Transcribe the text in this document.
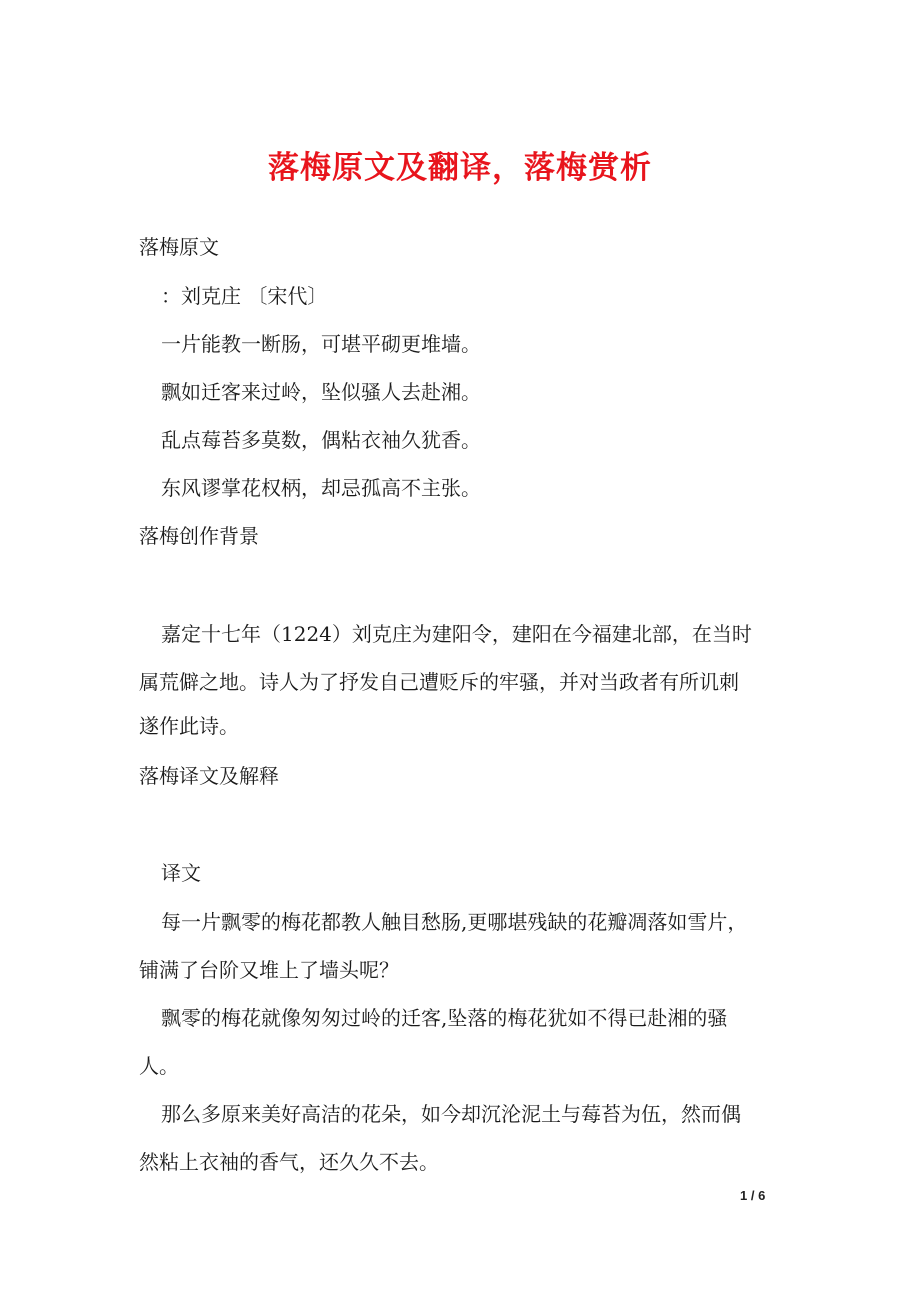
落梅原文及翻译，落梅赏析
落梅原文
：刘克庄 〔宋代〕
一片能教一断肠，可堪平砌更堆墙。
飘如迁客来过岭，坠似骚人去赴湘。
乱点莓苔多莫数，偶粘衣袖久犹香。
东风谬掌花权柄，却忌孤高不主张。
落梅创作背景
嘉定十七年（1224）刘克庄为建阳令，建阳在今福建北部，在当时
属荒僻之地。诗人为了抒发自己遭贬斥的牢骚，并对当政者有所讥刺
遂作此诗。
落梅译文及解释
译文
每一片飘零的梅花都教人触目愁肠,更哪堪残缺的花瓣凋落如雪片，
铺满了台阶又堆上了墙头呢？
飘零的梅花就像匆匆过岭的迁客,坠落的梅花犹如不得已赴湘的骚
人。
那么多原来美好高洁的花朵，如今却沉沦泥土与莓苔为伍，然而偶
然粘上衣袖的香气，还久久不去。
1 / 6
